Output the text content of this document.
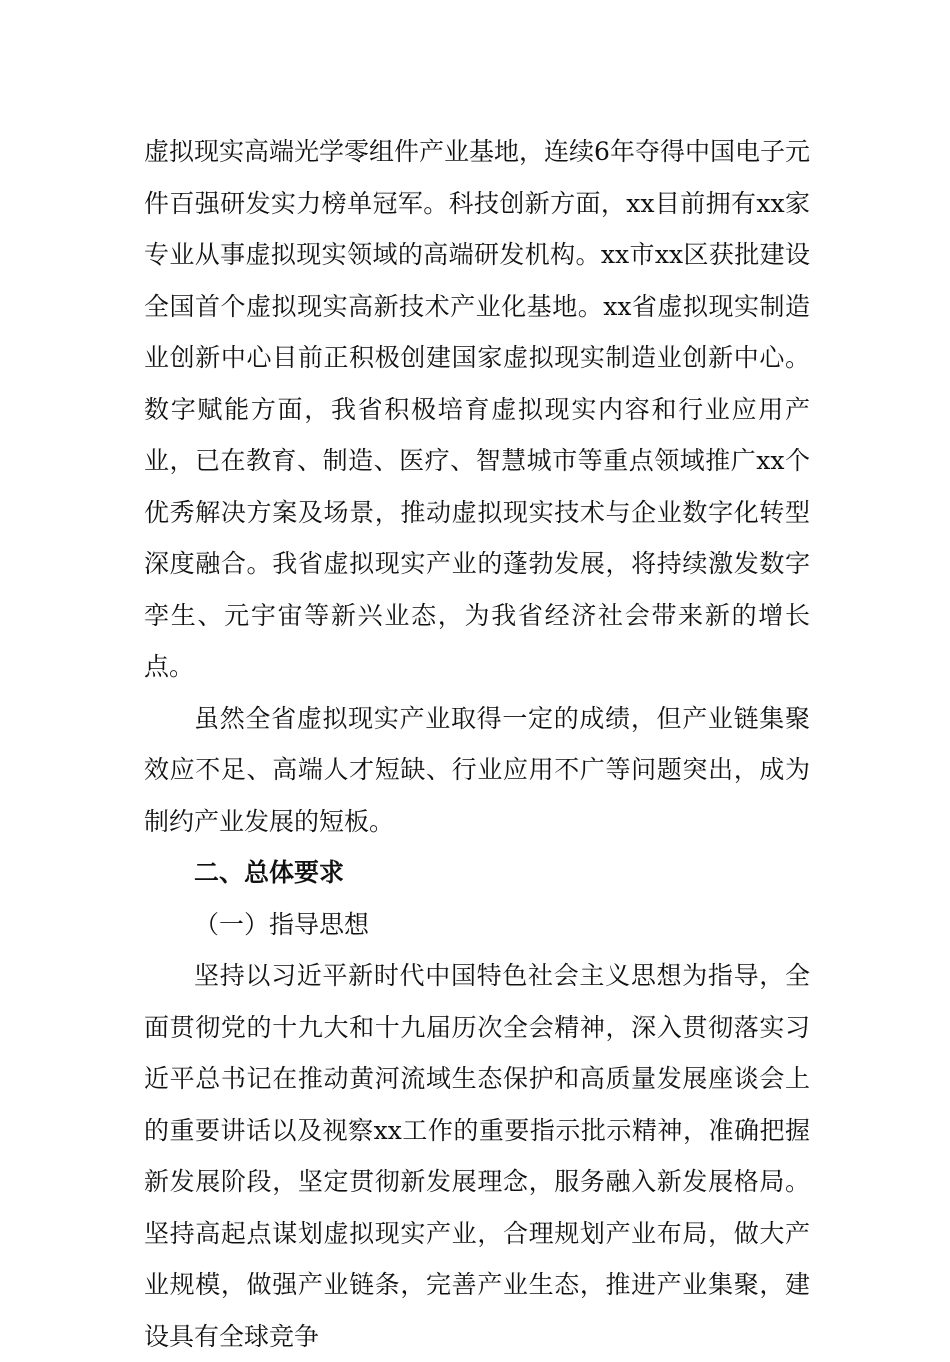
虚拟现实高端光学零组件产业基地，连续6年夺得中国电子元件百强研发实力榜单冠军。科技创新方面，xx目前拥有xx家专业从事虚拟现实领域的高端研发机构。xx市xx区获批建设全国首个虚拟现实高新技术产业化基地。xx省虚拟现实制造业创新中心目前正积极创建国家虚拟现实制造业创新中心。数字赋能方面，我省积极培育虚拟现实内容和行业应用产业，已在教育、制造、医疗、智慧城市等重点领域推广xx个优秀解决方案及场景，推动虚拟现实技术与企业数字化转型深度融合。我省虚拟现实产业的蓬勃发展，将持续激发数字孪生、元宇宙等新兴业态，为我省经济社会带来新的增长点。

虽然全省虚拟现实产业取得一定的成绩，但产业链集聚效应不足、高端人才短缺、行业应用不广等问题突出，成为制约产业发展的短板。

二、总体要求

（一）指导思想

坚持以习近平新时代中国特色社会主义思想为指导，全面贯彻党的十九大和十九届历次全会精神，深入贯彻落实习近平总书记在推动黄河流域生态保护和高质量发展座谈会上的重要讲话以及视察xx工作的重要指示批示精神，准确把握新发展阶段，坚定贯彻新发展理念，服务融入新发展格局。坚持高起点谋划虚拟现实产业，合理规划产业布局，做大产业规模，做强产业链条，完善产业生态，推进产业集聚，建设具有全球竞争
